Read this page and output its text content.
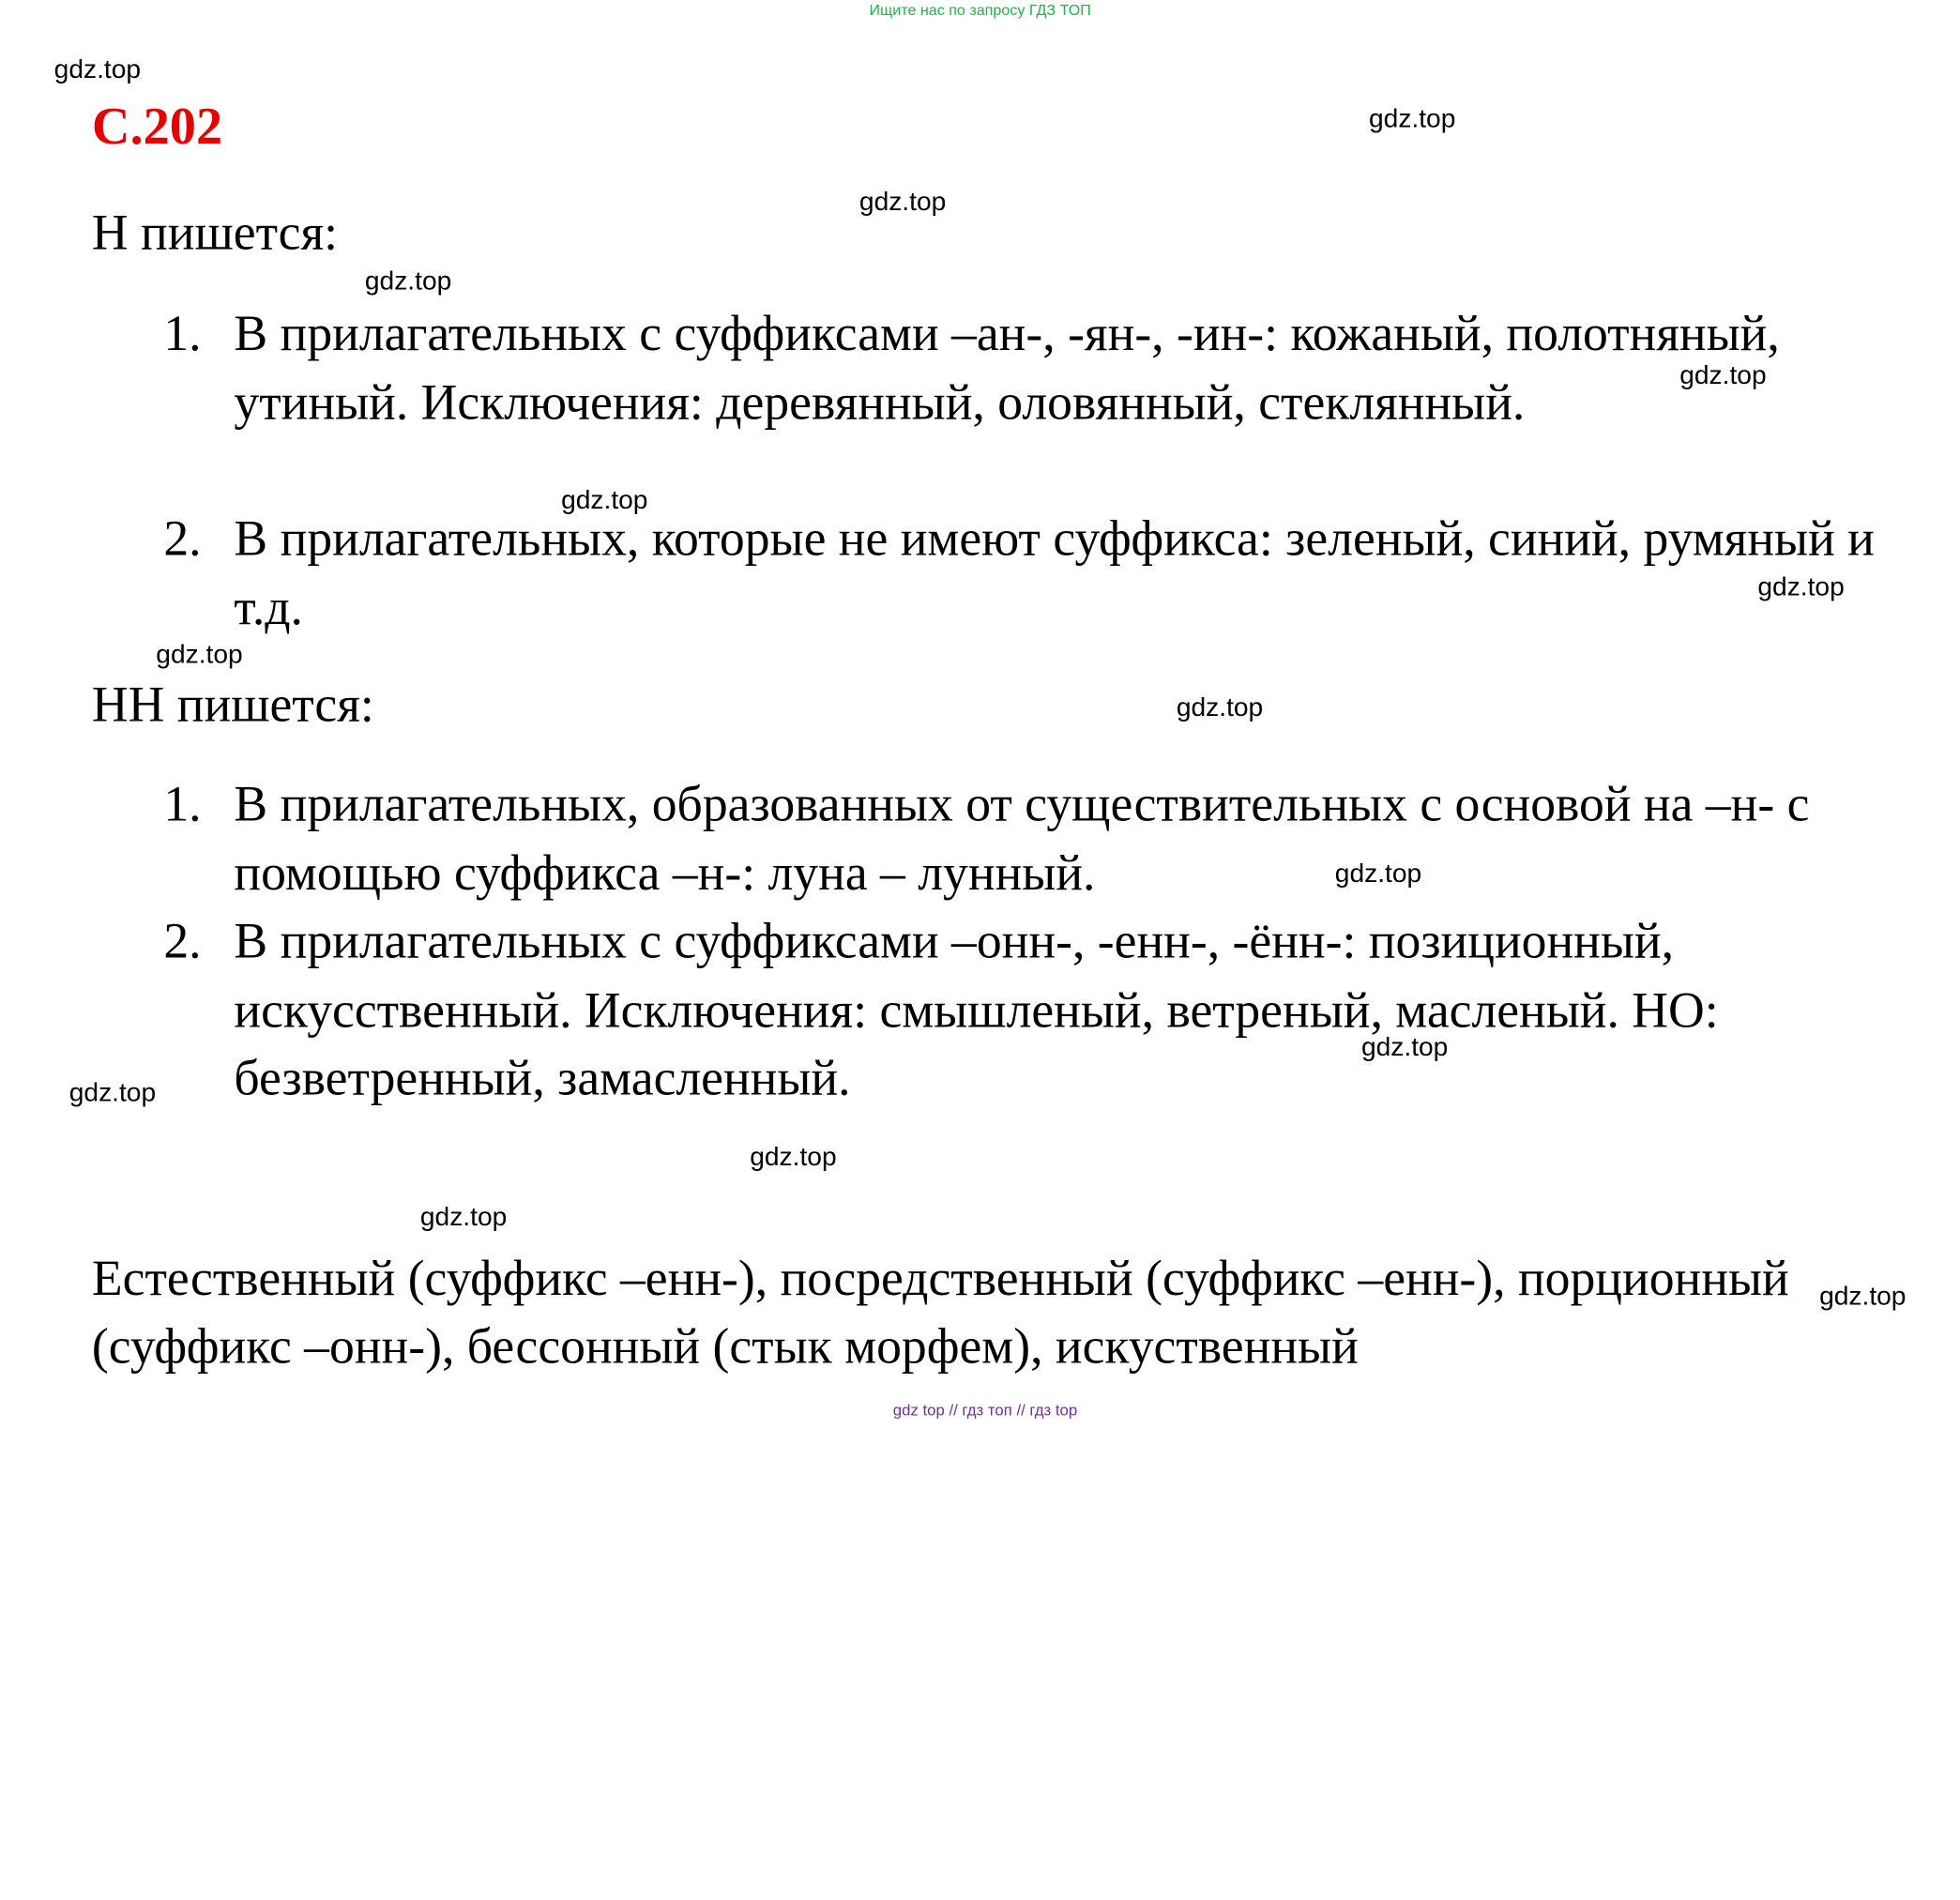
Ищите нас по запросу ГДЗ ТОП
С.202
Н пишется:
1. В прилагательных с суффиксами –ан-, -ян-, -ин-: кожаный, полотняный, утиный. Исключения: деревянный, оловянный, стеклянный.
2. В прилагательных, которые не имеют суффикса: зеленый, синий, румяный и т.д.
НН пишется:
1. В прилагательных, образованных от существительных с основой на –н- с помощью суффикса –н-: луна – лунный.
2. В прилагательных с суффиксами –онн-, -енн-, -ённ-: позиционный, искусственный. Исключения: смышленый, ветреный, масленый. НО: безветренный, замасленный.
Естественный (суффикс –енн-), посредственный (суффикс –енн-), порционный (суффикс –онн-), бессонный (стык морфем), искуственный
gdz.top
gdz.top
gdz.top
gdz.top
gdz.top
gdz.top
gdz.top
gdz.top
gdz.top
gdz.top
gdz.top
gdz.top
gdz.top
gdz.top
gdz.top
gdz top // гдз топ // гдз top
